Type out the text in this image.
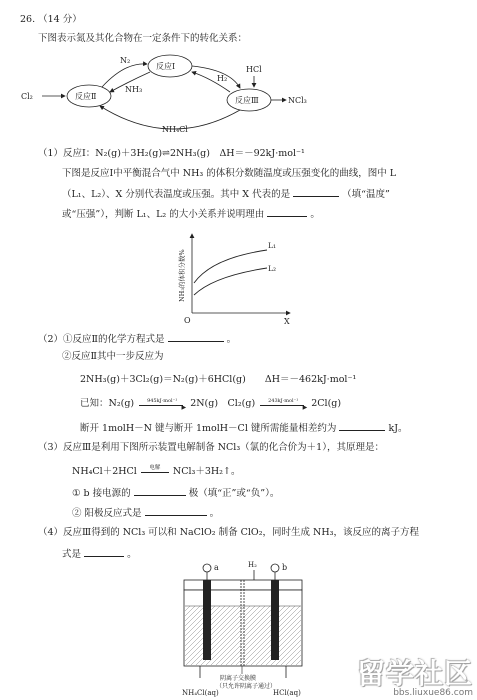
26. （14 分）
下图表示氮及其化合物在一定条件下的转化关系：
Cl₂	反应Ⅱ
反应Ⅰ
反应Ⅲ
N₂
NH₃
H₂
HCl
NCl₃
NH₄Cl
（1）反应Ⅰ：N₂(g)＋3H₂(g)⇌2NH₃(g)　ΔH＝－92kJ·mol⁻¹
下图是反应Ⅰ中平衡混合气中 NH₃ 的体积分数随温度或压强变化的曲线，图中 L
（L₁、L₂）、X 分别代表温度或压强。其中 X 代表的是	（填“温度”
或“压强”），判断 L₁、L₂ 的大小关系并说明理由	。
L₁
L₂
O	X
NH₃的体积分数%
（2）①反应Ⅱ的化学方程式是	。
②反应Ⅱ其中一步反应为
2NH₃(g)＋3Cl₂(g)＝N₂(g)＋6HCl(g)　　ΔH＝－462kJ·mol⁻¹
已知：N₂(g)	945kJ·mol⁻¹
▶ 2N(g)　Cl₂(g)	243kJ·mol⁻¹
▶ 2Cl(g)
断开 1molH－N 键与断开 1molH－Cl 键所需能量相差约为	kJ。
（3）反应Ⅲ是利用下图所示装置电解制备 NCl₃（氯的化合价为＋1），其原理是：
NH₄Cl＋2HCl	电解	NCl₃＋3H₂↑。
① b 接电源的	极（填“正”或“负”）。
② 阳极反应式是	。
（4）反应Ⅲ得到的 NCl₃ 可以和 NaClO₂ 制备 ClO₂，同时生成 NH₃，该反应的离子方程
式是	。
a	b
H₂
阴离子交换膜
（只允许阴离子通过）
NH₄Cl(aq)	HCl(aq)
留学社区
bbs.liuxue86.com
